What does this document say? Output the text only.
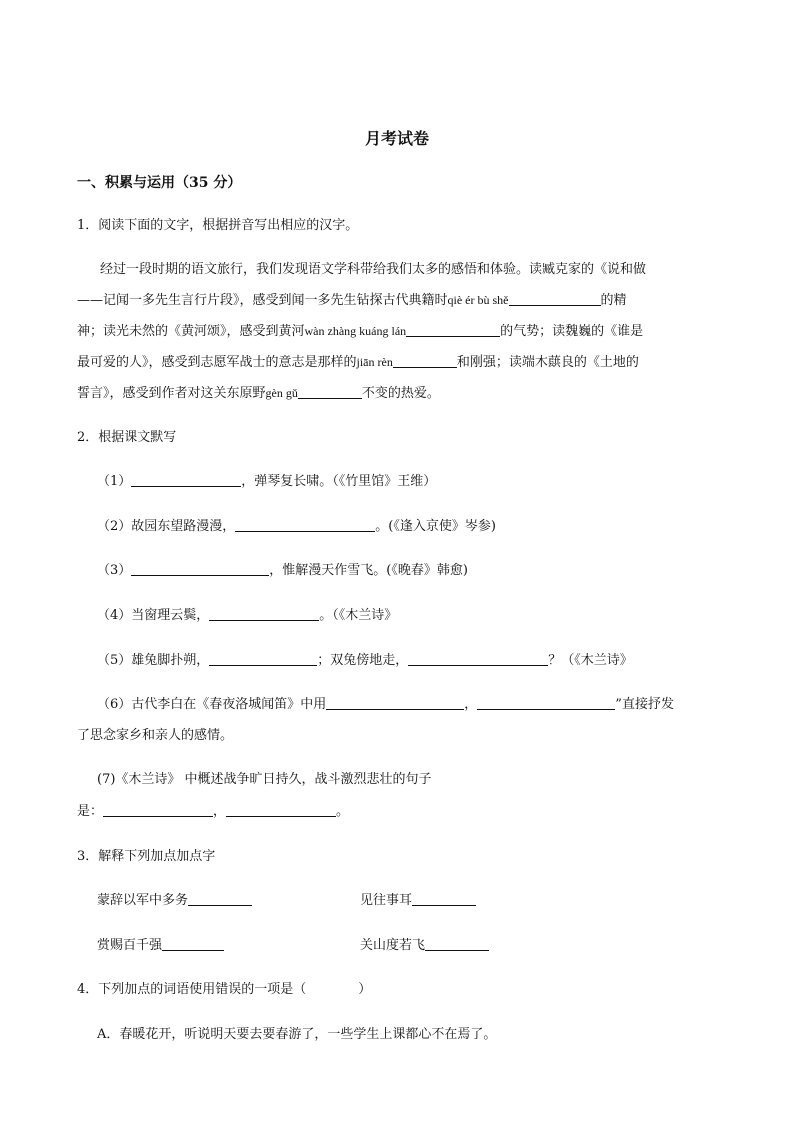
月考试卷
一、积累与运用（35 分）
1．阅读下面的文字，根据拼音写出相应的汉字。
经过一段时期的语文旅行，我们发现语文学科带给我们太多的感悟和体验。读臧克家的《说和做
——记闻一多先生言行片段》，感受到闻一多先生钻探古代典籍时qiè ér bù shě	的精
神；读光未然的《黄河颂》，感受到黄河wàn zhàng kuáng lán	的气势；读魏巍的《谁是
最可爱的人》，感受到志愿军战士的意志是那样的jiān rèn	和刚强；读端木蕻良的《土地的
誓言》，感受到作者对这关东原野gèn gǔ	不变的热爱。
2．根据课文默写
（1）	，弹琴复长啸。（《竹里馆》王维）
（2）故园东望路漫漫，	。(《逢入京使》岑参)
（3）	，惟解漫天作雪飞。(《晚春》韩愈)
（4）当窗理云鬓，	。（《木兰诗》
（5）雄兔脚扑朔，	；双兔傍地走，	？（《木兰诗》
（6）古代李白在《春夜洛城闻笛》中用	，	”直接抒发
了思念家乡和亲人的感情。
(7)《木兰诗》 中概述战争旷日持久，战斗激烈悲壮的句子
是：	，	。
3．解释下列加点加点字
蒙辞以军中多务	见往事耳
赏赐百千强	关山度若飞
4．下列加点的词语使用错误的一项是（　　　　）
A．春暖花开，听说明天要去要春游了，一些学生上课都心不在焉了。
